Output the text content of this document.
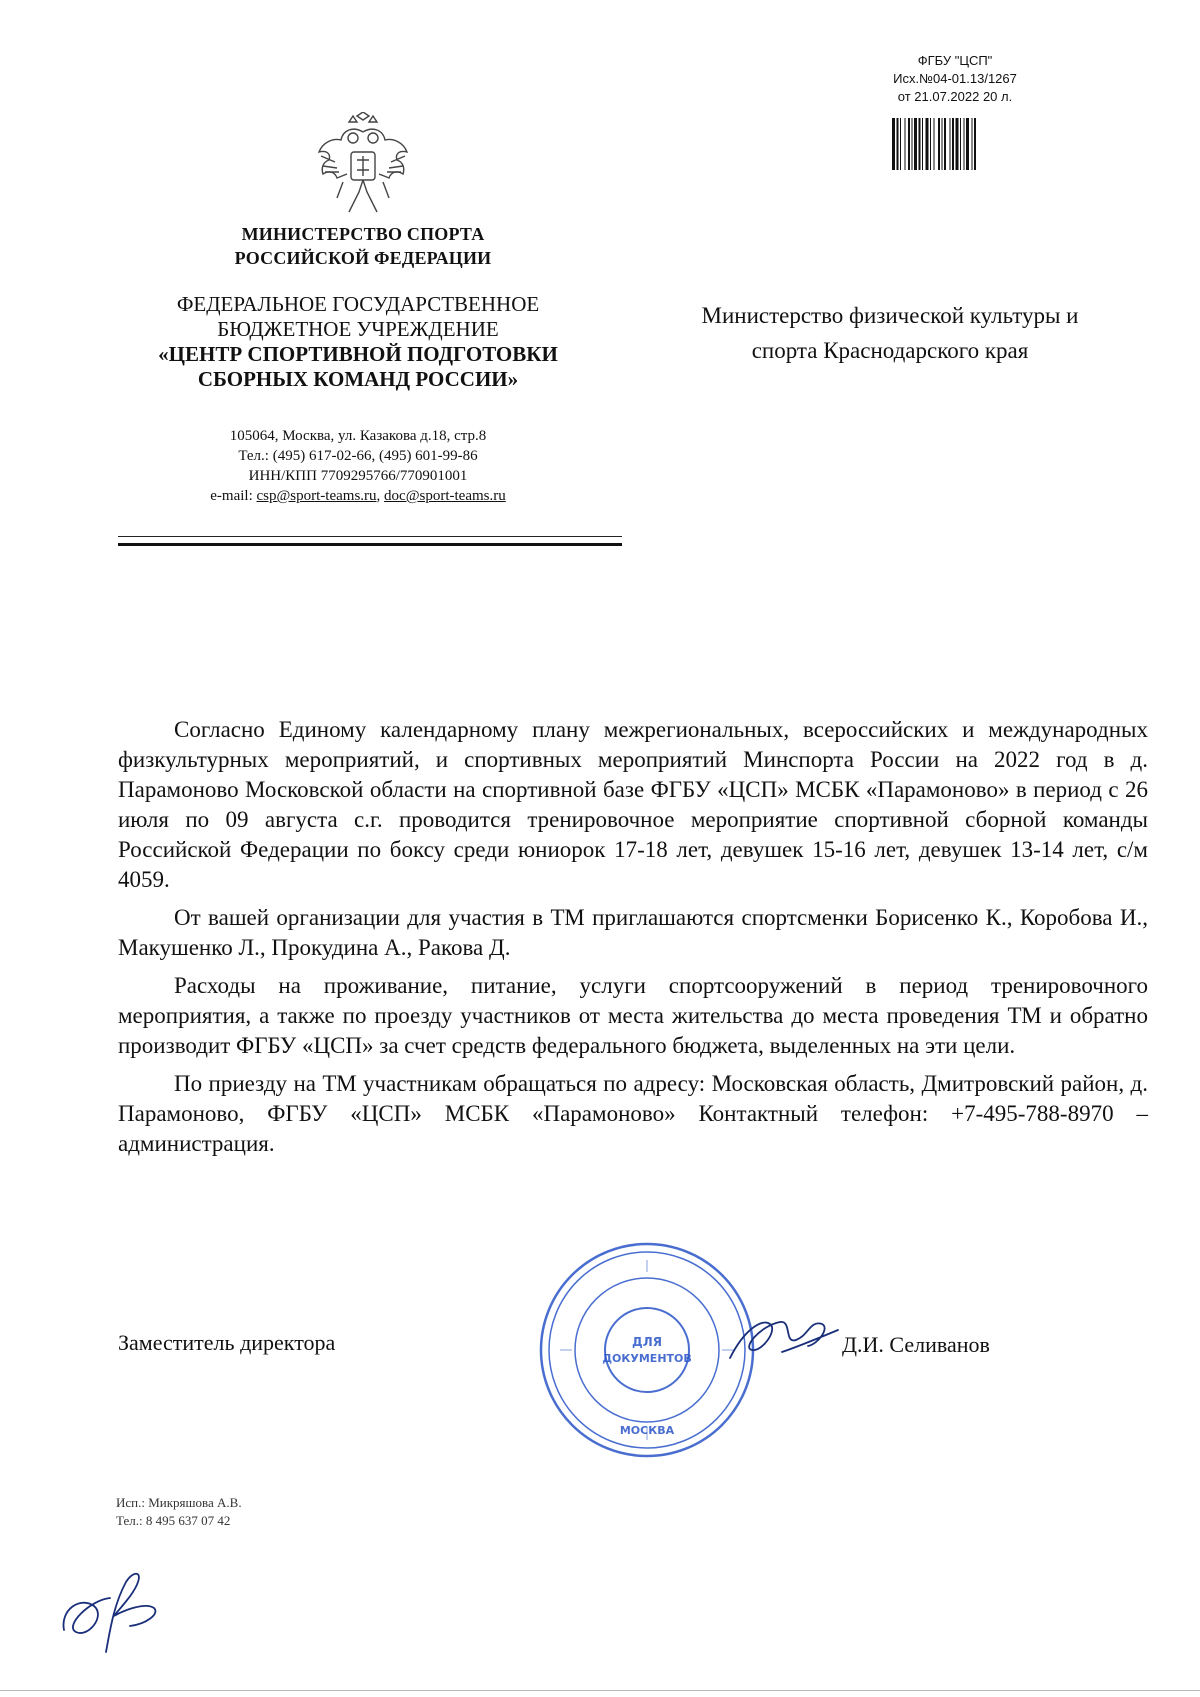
ФГБУ "ЦСП"
Исх.№04-01.13/1267
от 21.07.2022 20 л.
МИНИСТЕРСТВО СПОРТА
РОССИЙСКОЙ ФЕДЕРАЦИИ
ФЕДЕРАЛЬНОЕ ГОСУДАРСТВЕННОЕ
БЮДЖЕТНОЕ УЧРЕЖДЕНИЕ
«ЦЕНТР СПОРТИВНОЙ ПОДГОТОВКИ
СБОРНЫХ КОМАНД РОССИИ»
105064, Москва, ул. Казакова д.18, стр.8
Тел.: (495) 617-02-66, (495) 601-99-86
ИНН/КПП 7709295766/770901001
e-mail: csp@sport-teams.ru, doc@sport-teams.ru
Министерство физической культуры и
спорта Краснодарского края

Согласно Единому календарному плану межрегиональных, всероссийских и международных физкультурных мероприятий, и спортивных мероприятий Минспорта России на 2022 год в д. Парамоново Московской области на спортивной базе ФГБУ «ЦСП» МСБК «Парамоново» в период с 26 июля по 09 августа с.г. проводится тренировочное мероприятие спортивной сборной команды Российской Федерации по боксу среди юниорок 17-18 лет, девушек 15-16 лет, девушек 13-14 лет, с/м 4059.

От вашей организации для участия в ТМ приглашаются спортсменки Борисенко К., Коробова И., Макушенко Л., Прокудина А., Ракова Д.

Расходы на проживание, питание, услуги спортсооружений в период тренировочного мероприятия, а также по проезду участников от места жительства до места проведения ТМ и обратно производит ФГБУ «ЦСП» за счет средств федерального бюджета, выделенных на эти цели.

По приезду на ТМ участникам обращаться по адресу: Московская область, Дмитровский район, д. Парамоново, ФГБУ «ЦСП» МСБК «Парамоново» Контактный телефон: +7-495-788-8970 – администрация.

ДЛЯ
ДОКУМЕНТОВ
МОСКВА
Заместитель директора	Д.И. Селиванов
Исп.: Микряшова А.В.
Тел.: 8 495 637 07 42
